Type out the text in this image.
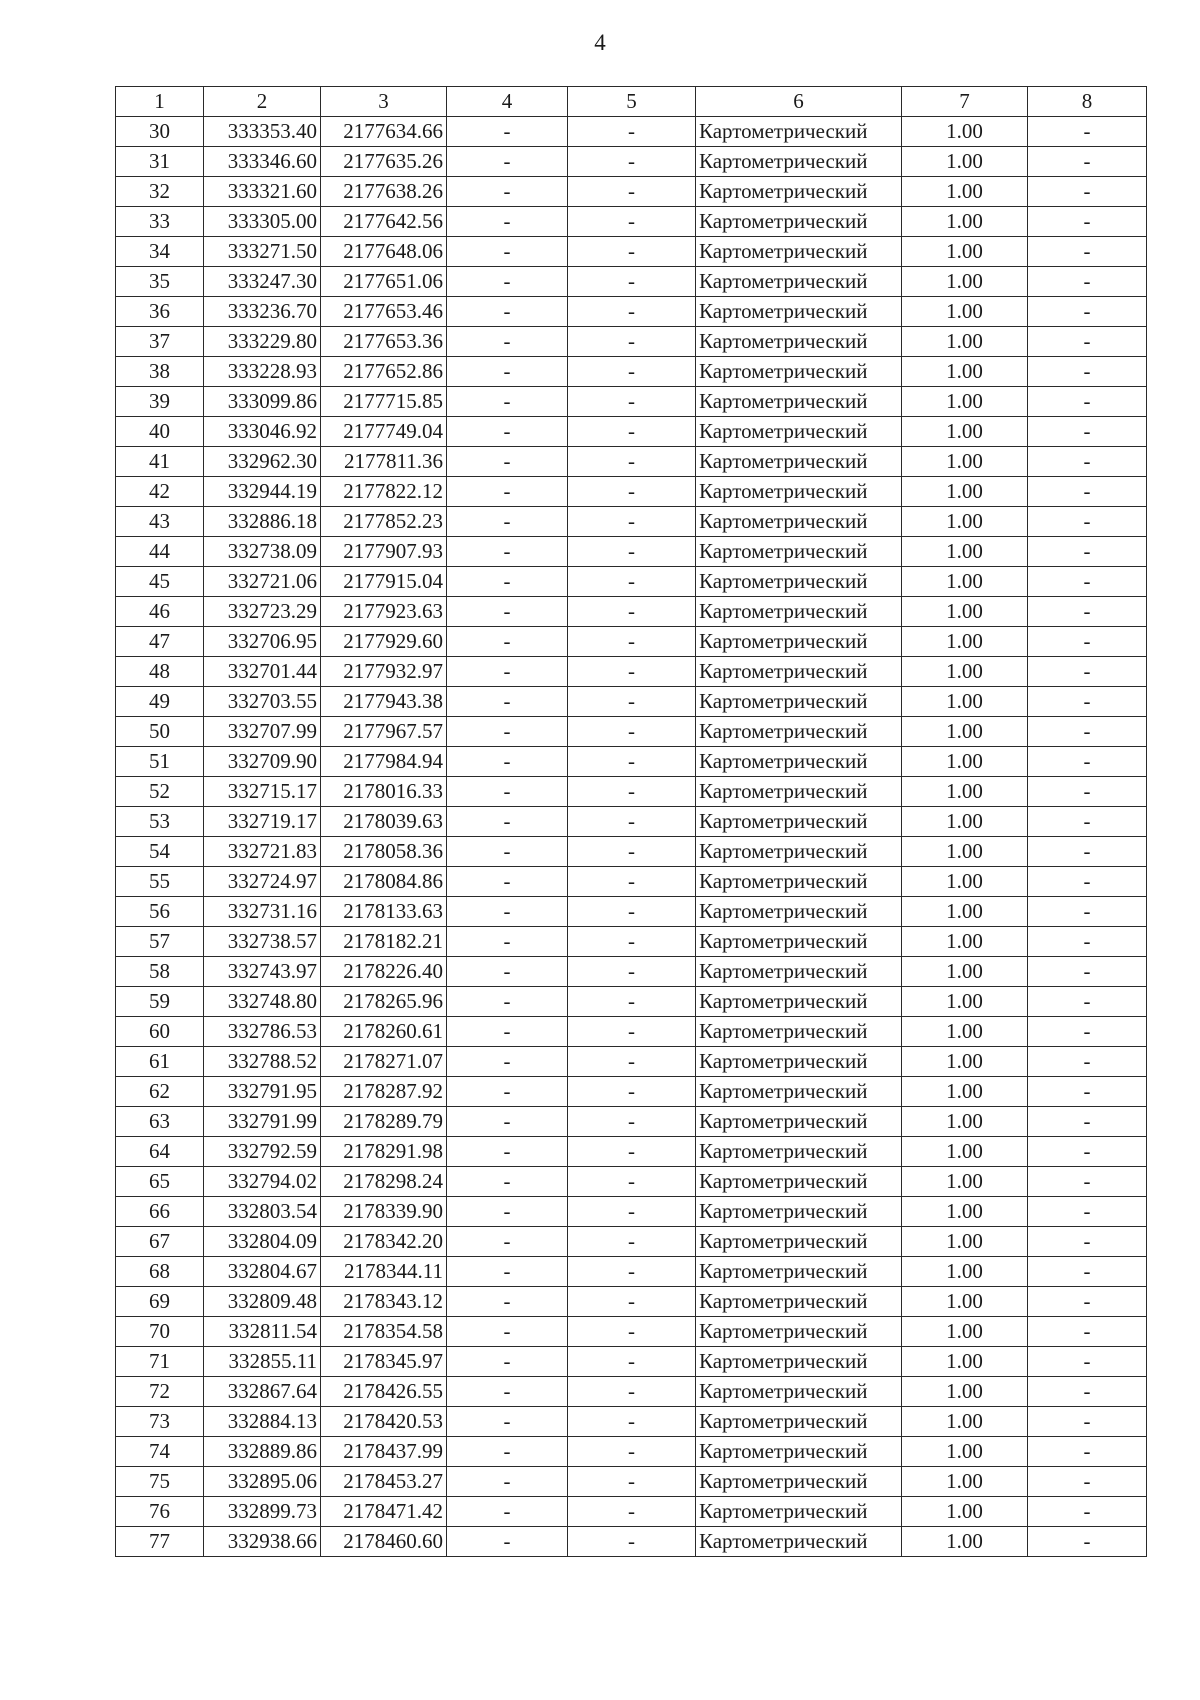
4
1	2	3	4	5	6	7	8
30	333353.40	2177634.66	-	-	Картометрический	1.00	-
31	333346.60	2177635.26	-	-	Картометрический	1.00	-
32	333321.60	2177638.26	-	-	Картометрический	1.00	-
33	333305.00	2177642.56	-	-	Картометрический	1.00	-
34	333271.50	2177648.06	-	-	Картометрический	1.00	-
35	333247.30	2177651.06	-	-	Картометрический	1.00	-
36	333236.70	2177653.46	-	-	Картометрический	1.00	-
37	333229.80	2177653.36	-	-	Картометрический	1.00	-
38	333228.93	2177652.86	-	-	Картометрический	1.00	-
39	333099.86	2177715.85	-	-	Картометрический	1.00	-
40	333046.92	2177749.04	-	-	Картометрический	1.00	-
41	332962.30	2177811.36	-	-	Картометрический	1.00	-
42	332944.19	2177822.12	-	-	Картометрический	1.00	-
43	332886.18	2177852.23	-	-	Картометрический	1.00	-
44	332738.09	2177907.93	-	-	Картометрический	1.00	-
45	332721.06	2177915.04	-	-	Картометрический	1.00	-
46	332723.29	2177923.63	-	-	Картометрический	1.00	-
47	332706.95	2177929.60	-	-	Картометрический	1.00	-
48	332701.44	2177932.97	-	-	Картометрический	1.00	-
49	332703.55	2177943.38	-	-	Картометрический	1.00	-
50	332707.99	2177967.57	-	-	Картометрический	1.00	-
51	332709.90	2177984.94	-	-	Картометрический	1.00	-
52	332715.17	2178016.33	-	-	Картометрический	1.00	-
53	332719.17	2178039.63	-	-	Картометрический	1.00	-
54	332721.83	2178058.36	-	-	Картометрический	1.00	-
55	332724.97	2178084.86	-	-	Картометрический	1.00	-
56	332731.16	2178133.63	-	-	Картометрический	1.00	-
57	332738.57	2178182.21	-	-	Картометрический	1.00	-
58	332743.97	2178226.40	-	-	Картометрический	1.00	-
59	332748.80	2178265.96	-	-	Картометрический	1.00	-
60	332786.53	2178260.61	-	-	Картометрический	1.00	-
61	332788.52	2178271.07	-	-	Картометрический	1.00	-
62	332791.95	2178287.92	-	-	Картометрический	1.00	-
63	332791.99	2178289.79	-	-	Картометрический	1.00	-
64	332792.59	2178291.98	-	-	Картометрический	1.00	-
65	332794.02	2178298.24	-	-	Картометрический	1.00	-
66	332803.54	2178339.90	-	-	Картометрический	1.00	-
67	332804.09	2178342.20	-	-	Картометрический	1.00	-
68	332804.67	2178344.11	-	-	Картометрический	1.00	-
69	332809.48	2178343.12	-	-	Картометрический	1.00	-
70	332811.54	2178354.58	-	-	Картометрический	1.00	-
71	332855.11	2178345.97	-	-	Картометрический	1.00	-
72	332867.64	2178426.55	-	-	Картометрический	1.00	-
73	332884.13	2178420.53	-	-	Картометрический	1.00	-
74	332889.86	2178437.99	-	-	Картометрический	1.00	-
75	332895.06	2178453.27	-	-	Картометрический	1.00	-
76	332899.73	2178471.42	-	-	Картометрический	1.00	-
77	332938.66	2178460.60	-	-	Картометрический	1.00	-
